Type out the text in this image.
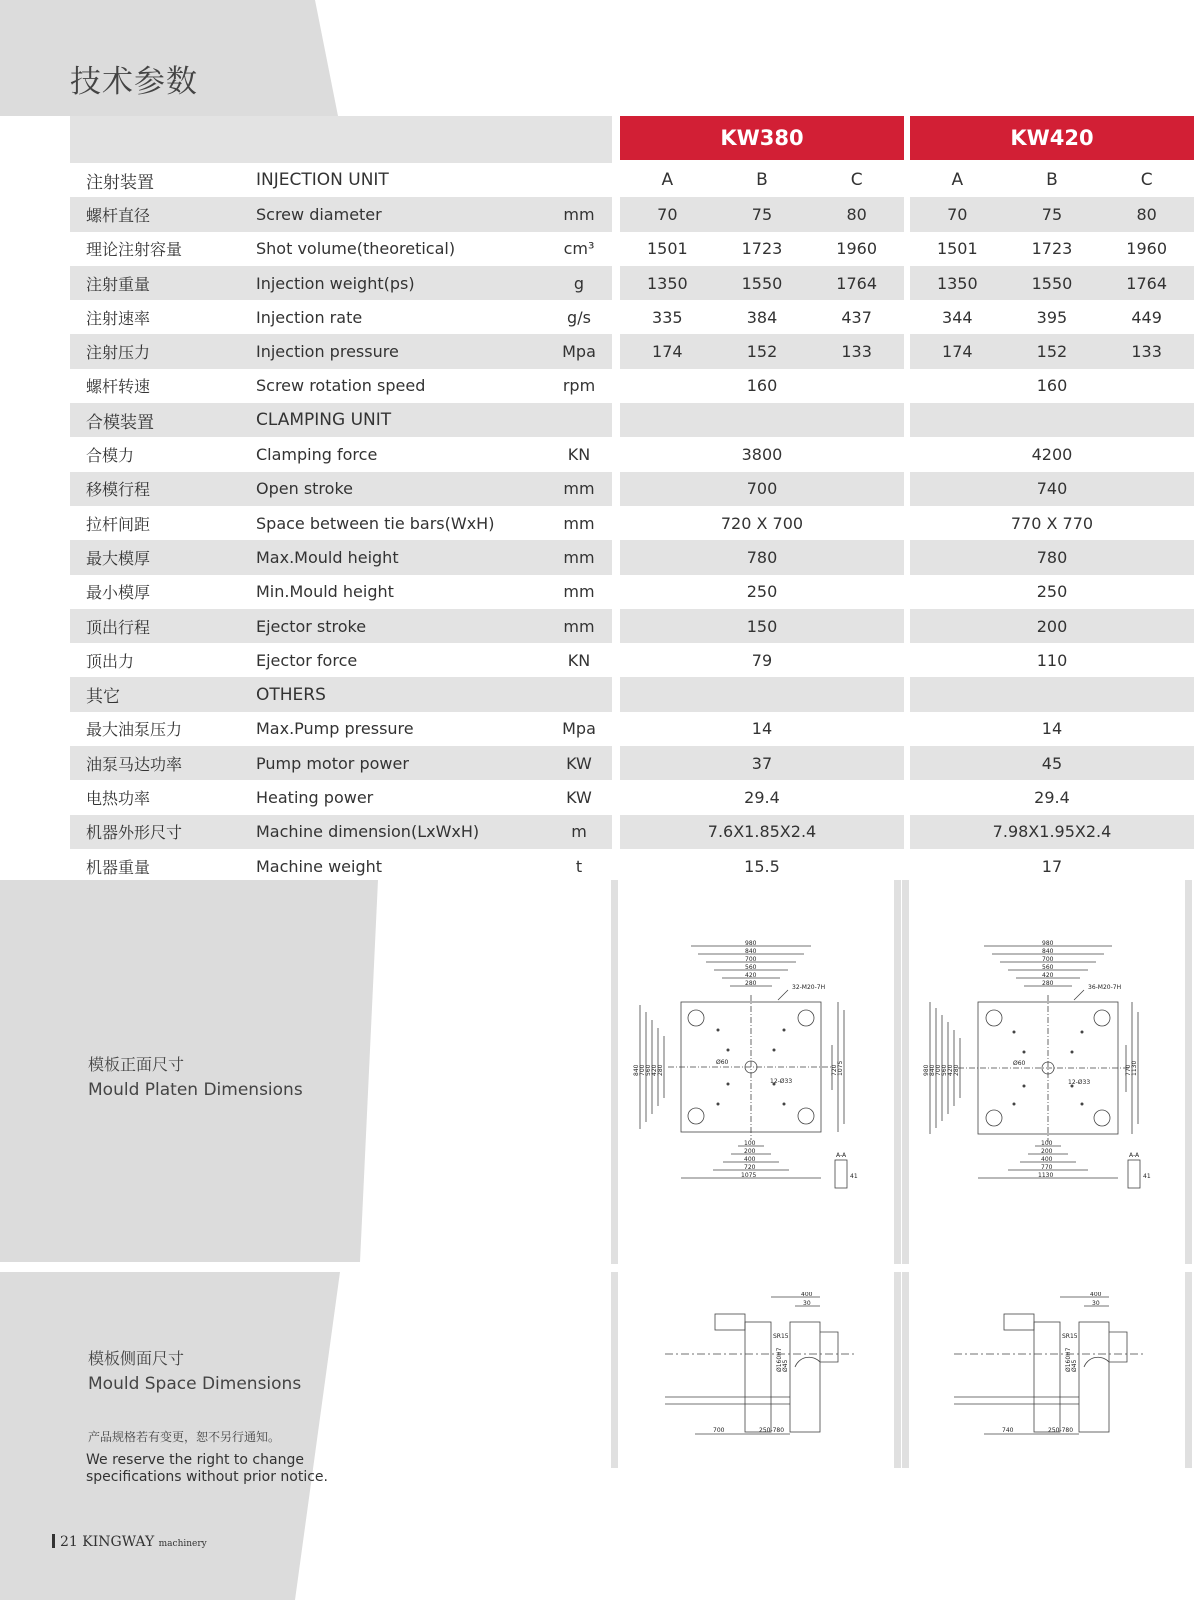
技术参数
				KW380				KW420		
注射装置	INJECTION UNIT			A	B	C		A	B	C
螺杆直径	Screw diameter	mm		70	75	80		70	75	80
理论注射容量	Shot volume(theoretical)	cm³		1501	1723	1960		1501	1723	1960
注射重量	Injection weight(ps)	g		1350	1550	1764		1350	1550	1764
注射速率	Injection rate	g/s		335	384	437		344	395	449
注射压力	Injection pressure	Mpa		174	152	133		174	152	133
螺杆转速	Screw rotation speed	rpm		160				160		
合模装置	CLAMPING UNIT									
合模力	Clamping force	KN		3800				4200		
移模行程	Open stroke	mm		700				740		
拉杆间距	Space between tie bars(WxH)	mm		720 X 700				770 X 770		
最大模厚	Max.Mould height	mm		780				780		
最小模厚	Min.Mould height	mm		250				250		
顶出行程	Ejector stroke	mm		150				200		
顶出力	Ejector force	KN		79				110		
其它	OTHERS									
最大油泵压力	Max.Pump pressure	Mpa		14				14		
油泵马达功率	Pump motor power	KW		37				45		
电热功率	Heating power	KW		29.4				29.4		
机器外形尺寸	Machine dimension(LxWxH)	m		7.6X1.85X2.4				7.98X1.95X2.4		
机器重量	Machine weight	t		15.5				17		
模板正面尺寸
Mould Platen Dimensions
模板侧面尺寸
Mould Space Dimensions
980
840
700
560
420
280
32-M20-7H
Ø60
12-Ø33
100
200
400
720
1075
A-A
41
840 700 560 420 280	1075
720
980
840
700
560
420
280
36-M20-7H
Ø60
12-Ø33
100
200
400
770
1130
A-A
41
980 840 700 560 420 280	1130
770
400
30
SR15
700	250-780
Ø160H7 Ø45
400
30
SR15
740	250-780
Ø160H7 Ø45
产品规格若有变更，恕不另行通知。
We reserve the right to change specifications without prior notice.
21 KINGWAY machinery
